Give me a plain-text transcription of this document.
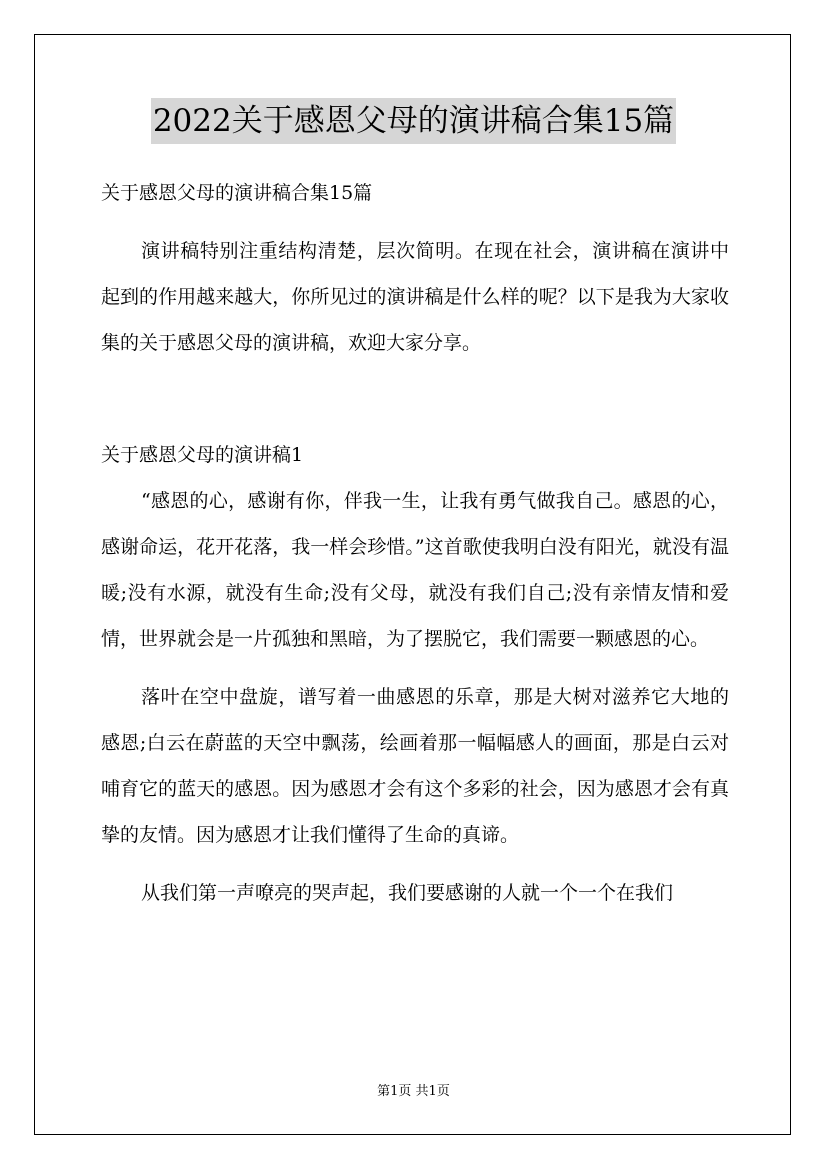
2022关于感恩父母的演讲稿合集15篇

关于感恩父母的演讲稿合集15篇

演讲稿特别注重结构清楚，层次简明。在现在社会，演讲稿在演讲中起到的作用越来越大，你所见过的演讲稿是什么样的呢？以下是我为大家收集的关于感恩父母的演讲稿，欢迎大家分享。

关于感恩父母的演讲稿1

“感恩的心，感谢有你，伴我一生，让我有勇气做我自己。感恩的心，感谢命运，花开花落，我一样会珍惜。”这首歌使我明白没有阳光，就没有温暖;没有水源，就没有生命;没有父母，就没有我们自己;没有亲情友情和爱情，世界就会是一片孤独和黑暗，为了摆脱它，我们需要一颗感恩的心。

落叶在空中盘旋，谱写着一曲感恩的乐章，那是大树对滋养它大地的感恩;白云在蔚蓝的天空中飘荡，绘画着那一幅幅感人的画面，那是白云对哺育它的蓝天的感恩。因为感恩才会有这个多彩的社会，因为感恩才会有真挚的友情。因为感恩才让我们懂得了生命的真谛。

从我们第一声嘹亮的哭声起，我们要感谢的人就一个一个在我们

第1页 共1页
